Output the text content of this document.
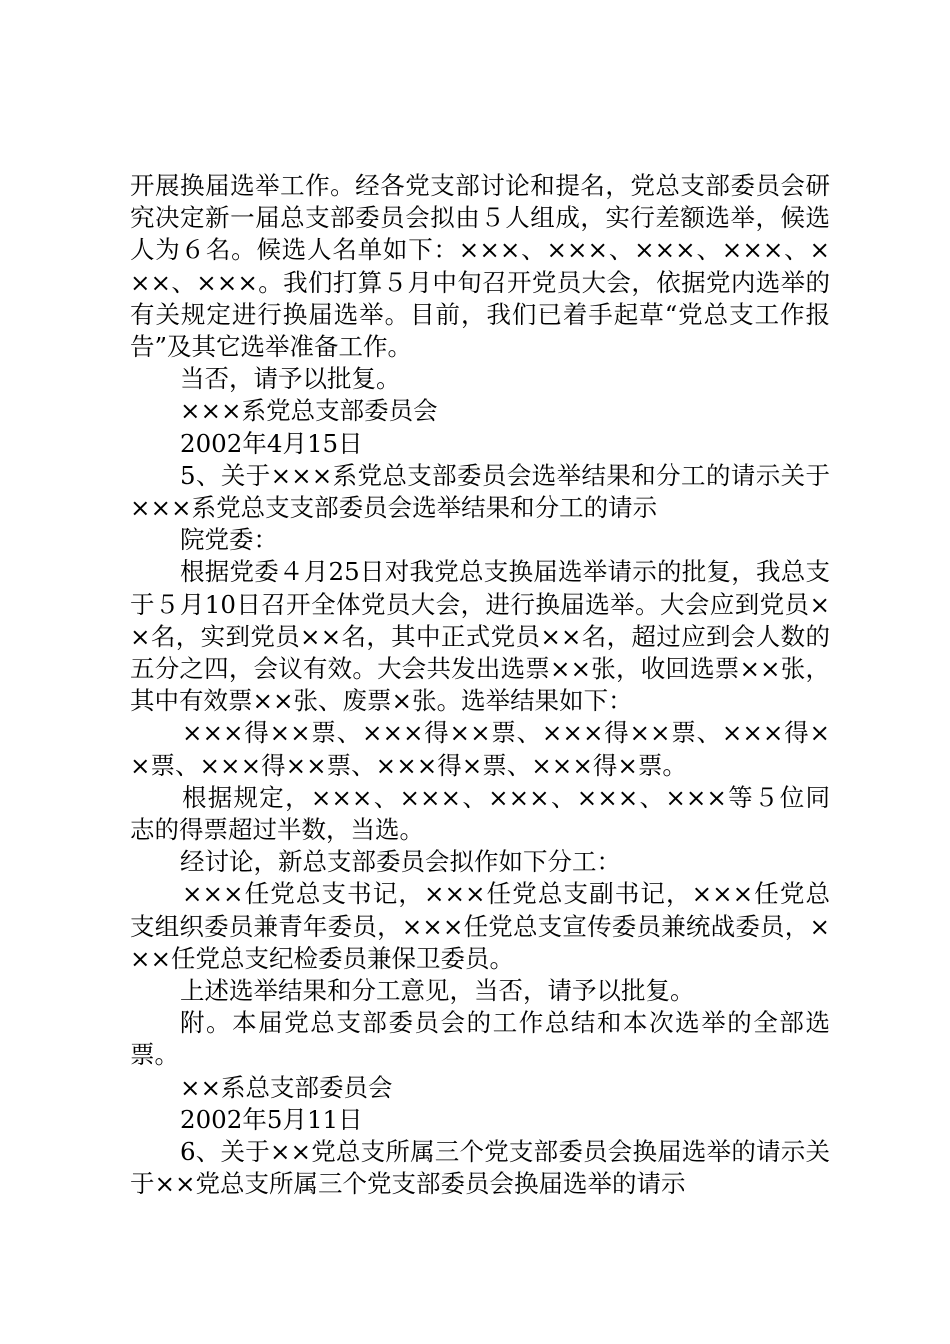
开展换届选举工作。经各党支部讨论和提名，党总支部委员会研究决定新一届总支部委员会拟由５人组成，实行差额选举，候选人为６名。候选人名单如下：×××、×××、×××、×××、×××、×××。我们打算５月中旬召开党员大会，依据党内选举的有关规定进行换届选举。目前，我们已着手起草“党总支工作报告”及其它选举准备工作。

当否，请予以批复。

×××系党总支部委员会

2002年4月15日

5、关于×××系党总支部委员会选举结果和分工的请示关于×××系党总支支部委员会选举结果和分工的请示

院党委：

根据党委４月25日对我党总支换届选举请示的批复，我总支于５月10日召开全体党员大会，进行换届选举。大会应到党员××名，实到党员××名，其中正式党员××名，超过应到会人数的五分之四，会议有效。大会共发出选票××张，收回选票××张，其中有效票××张、废票×张。选举结果如下：

×××得××票、×××得××票、×××得××票、×××得××票、×××得××票、×××得×票、×××得×票。

根据规定，×××、×××、×××、×××、×××等５位同志的得票超过半数，当选。

经讨论，新总支部委员会拟作如下分工：

×××任党总支书记，×××任党总支副书记，×××任党总支组织委员兼青年委员，×××任党总支宣传委员兼统战委员，×××任党总支纪检委员兼保卫委员。

上述选举结果和分工意见，当否，请予以批复。

附。本届党总支部委员会的工作总结和本次选举的全部选票。

××系总支部委员会

2002年5月11日

6、关于××党总支所属三个党支部委员会换届选举的请示关于××党总支所属三个党支部委员会换届选举的请示
